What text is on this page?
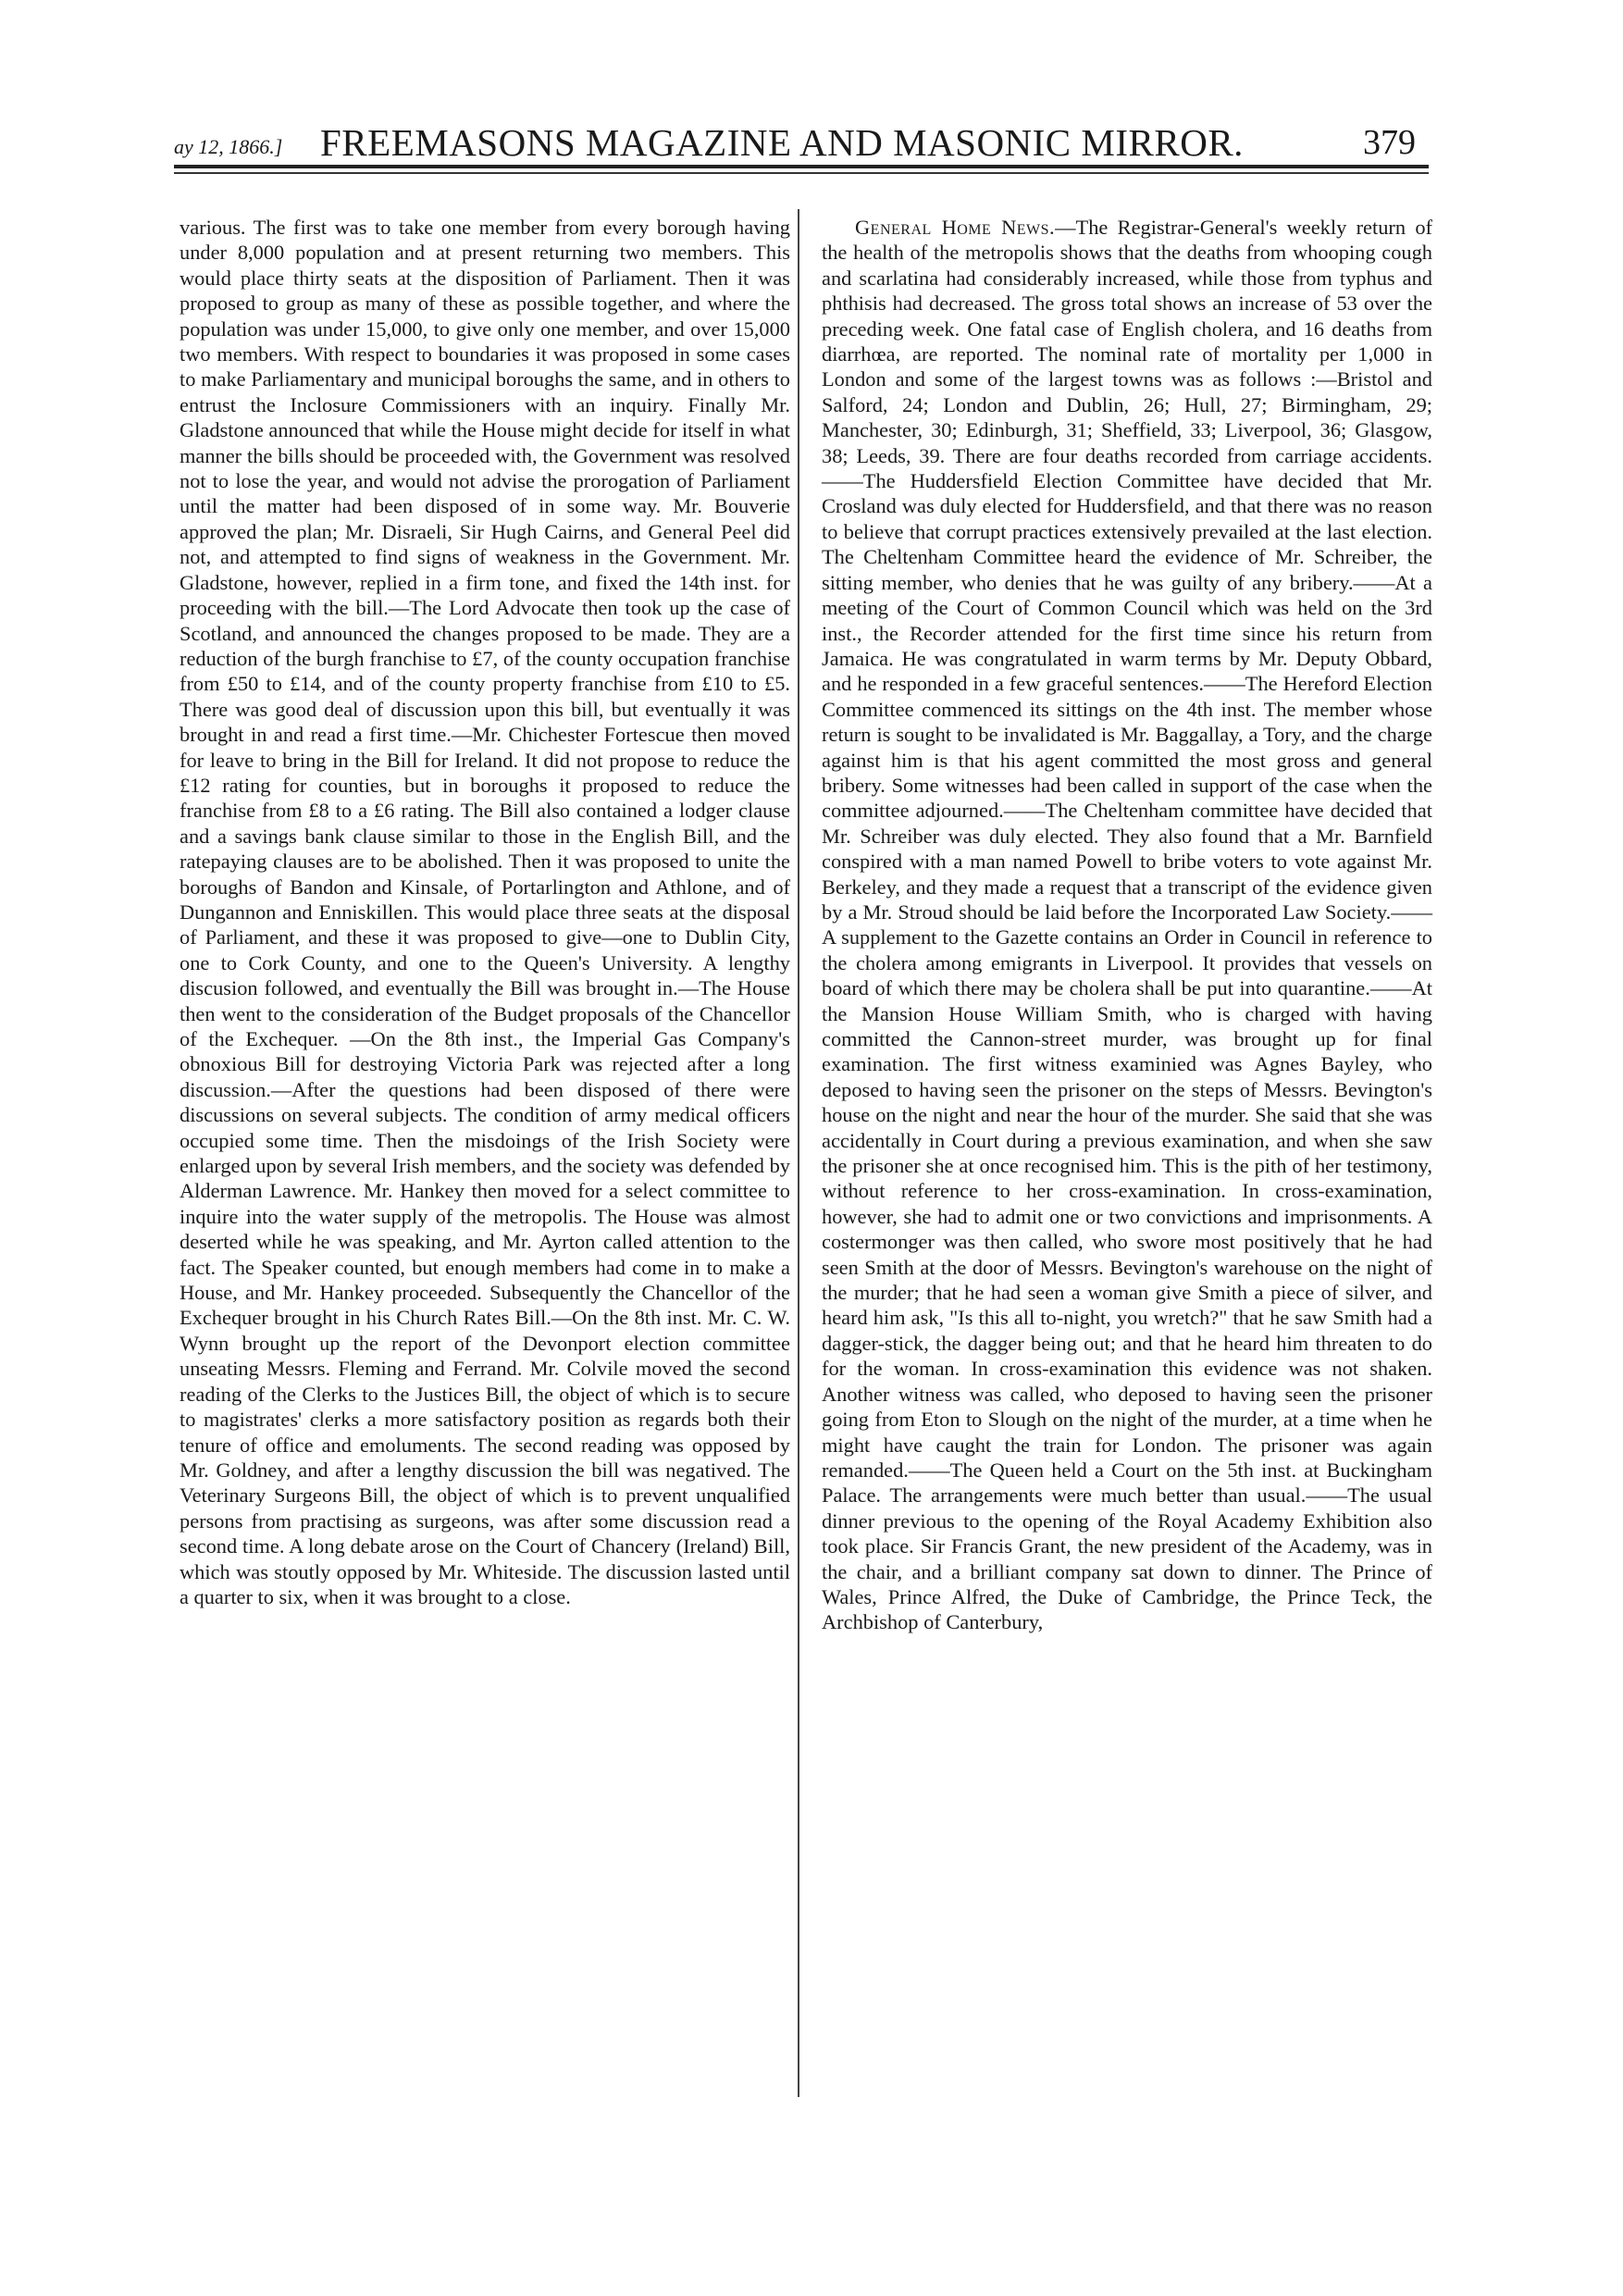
ay 12, 1866.] FREEMASONS MAGAZINE AND MASONIC MIRROR.	379

various. The first was to take one member from every borough having under 8,000 population and at present returning two members. This would place thirty seats at the disposition of Parliament. Then it was proposed to group as many of these as possible together, and where the population was under 15,000, to give only one member, and over 15,000 two members. With respect to boundaries it was proposed in some cases to make Parliamentary and municipal boroughs the same, and in others to entrust the Inclosure Commissioners with an inquiry. Finally Mr. Gladstone announced that while the House might decide for itself in what manner the bills should be proceeded with, the Government was resolved not to lose the year, and would not advise the prorogation of Parliament until the matter had been disposed of in some way. Mr. Bouverie approved the plan; Mr. Disraeli, Sir Hugh Cairns, and General Peel did not, and attempted to find signs of weakness in the Government. Mr. Gladstone, however, replied in a firm tone, and fixed the 14th inst. for proceeding with the bill.—The Lord Advocate then took up the case of Scotland, and announced the changes proposed to be made. They are a reduction of the burgh franchise to £7, of the county occupation franchise from £50 to £14, and of the county property franchise from £10 to £5. There was good deal of discussion upon this bill, but eventually it was brought in and read a first time.—Mr. Chichester Fortescue then moved for leave to bring in the Bill for Ireland. It did not propose to reduce the £12 rating for counties, but in boroughs it proposed to reduce the franchise from £8 to a £6 rating. The Bill also contained a lodger clause and a savings bank clause similar to those in the English Bill, and the ratepaying clauses are to be abolished. Then it was proposed to unite the boroughs of Bandon and Kinsale, of Portarlington and Athlone, and of Dungannon and Enniskillen. This would place three seats at the disposal of Parliament, and these it was proposed to give—one to Dublin City, one to Cork County, and one to the Queen's University. A lengthy discusion followed, and eventually the Bill was brought in.—The House then went to the consideration of the Budget proposals of the Chancellor of the Exchequer. —On the 8th inst., the Imperial Gas Company's obnoxious Bill for destroying Victoria Park was rejected after a long discussion.—After the questions had been disposed of there were discussions on several subjects. The condition of army medical officers occupied some time. Then the misdoings of the Irish Society were enlarged upon by several Irish members, and the society was defended by Alderman Lawrence. Mr. Hankey then moved for a select committee to inquire into the water supply of the metropolis. The House was almost deserted while he was speaking, and Mr. Ayrton called attention to the fact. The Speaker counted, but enough members had come in to make a House, and Mr. Hankey proceeded. Subsequently the Chancellor of the Exchequer brought in his Church Rates Bill.—On the 8th inst. Mr. C. W. Wynn brought up the report of the Devonport election committee unseating Messrs. Fleming and Ferrand. Mr. Colvile moved the second reading of the Clerks to the Justices Bill, the object of which is to secure to magistrates' clerks a more satisfactory position as regards both their tenure of office and emoluments. The second reading was opposed by Mr. Goldney, and after a lengthy discussion the bill was negatived. The Veterinary Surgeons Bill, the object of which is to prevent unqualified persons from practising as surgeons, was after some discussion read a second time. A long debate arose on the Court of Chancery (Ireland) Bill, which was stoutly opposed by Mr. Whiteside. The discussion lasted until a quarter to six, when it was brought to a close.

General Home News.—The Registrar-General's weekly return of the health of the metropolis shows that the deaths from whooping cough and scarlatina had considerably increased, while those from typhus and phthisis had decreased. The gross total shows an increase of 53 over the preceding week. One fatal case of English cholera, and 16 deaths from diarrhœa, are reported. The nominal rate of mortality per 1,000 in London and some of the largest towns was as follows :—Bristol and Salford, 24; London and Dublin, 26; Hull, 27; Birmingham, 29; Manchester, 30; Edinburgh, 31; Sheffield, 33; Liverpool, 36; Glasgow, 38; Leeds, 39. There are four deaths recorded from carriage accidents.——The Huddersfield Election Committee have decided that Mr. Crosland was duly elected for Huddersfield, and that there was no reason to believe that corrupt practices extensively prevailed at the last election. The Cheltenham Committee heard the evidence of Mr. Schreiber, the sitting member, who denies that he was guilty of any bribery.——At a meeting of the Court of Common Council which was held on the 3rd inst., the Recorder attended for the first time since his return from Jamaica. He was congratulated in warm terms by Mr. Deputy Obbard, and he responded in a few graceful sentences.——The Hereford Election Committee commenced its sittings on the 4th inst. The member whose return is sought to be invalidated is Mr. Baggallay, a Tory, and the charge against him is that his agent committed the most gross and general bribery. Some witnesses had been called in support of the case when the committee adjourned.——The Cheltenham committee have decided that Mr. Schreiber was duly elected. They also found that a Mr. Barnfield conspired with a man named Powell to bribe voters to vote against Mr. Berkeley, and they made a request that a transcript of the evidence given by a Mr. Stroud should be laid before the Incorporated Law Society.——A supplement to the Gazette contains an Order in Council in reference to the cholera among emigrants in Liverpool. It provides that vessels on board of which there may be cholera shall be put into quarantine.——At the Mansion House William Smith, who is charged with having committed the Cannon-street murder, was brought up for final examination. The first witness examinied was Agnes Bayley, who deposed to having seen the prisoner on the steps of Messrs. Bevington's house on the night and near the hour of the murder. She said that she was accidentally in Court during a previous examination, and when she saw the prisoner she at once recognised him. This is the pith of her testimony, without reference to her cross-examination. In cross-examination, however, she had to admit one or two convictions and imprisonments. A costermonger was then called, who swore most positively that he had seen Smith at the door of Messrs. Bevington's warehouse on the night of the murder; that he had seen a woman give Smith a piece of silver, and heard him ask, "Is this all to-night, you wretch?" that he saw Smith had a dagger-stick, the dagger being out; and that he heard him threaten to do for the woman. In cross-examination this evidence was not shaken. Another witness was called, who deposed to having seen the prisoner going from Eton to Slough on the night of the murder, at a time when he might have caught the train for London. The prisoner was again remanded.——The Queen held a Court on the 5th inst. at Buckingham Palace. The arrangements were much better than usual.——The usual dinner previous to the opening of the Royal Academy Exhibition also took place. Sir Francis Grant, the new president of the Academy, was in the chair, and a brilliant company sat down to dinner. The Prince of Wales, Prince Alfred, the Duke of Cambridge, the Prince Teck, the Archbishop of Canterbury,
